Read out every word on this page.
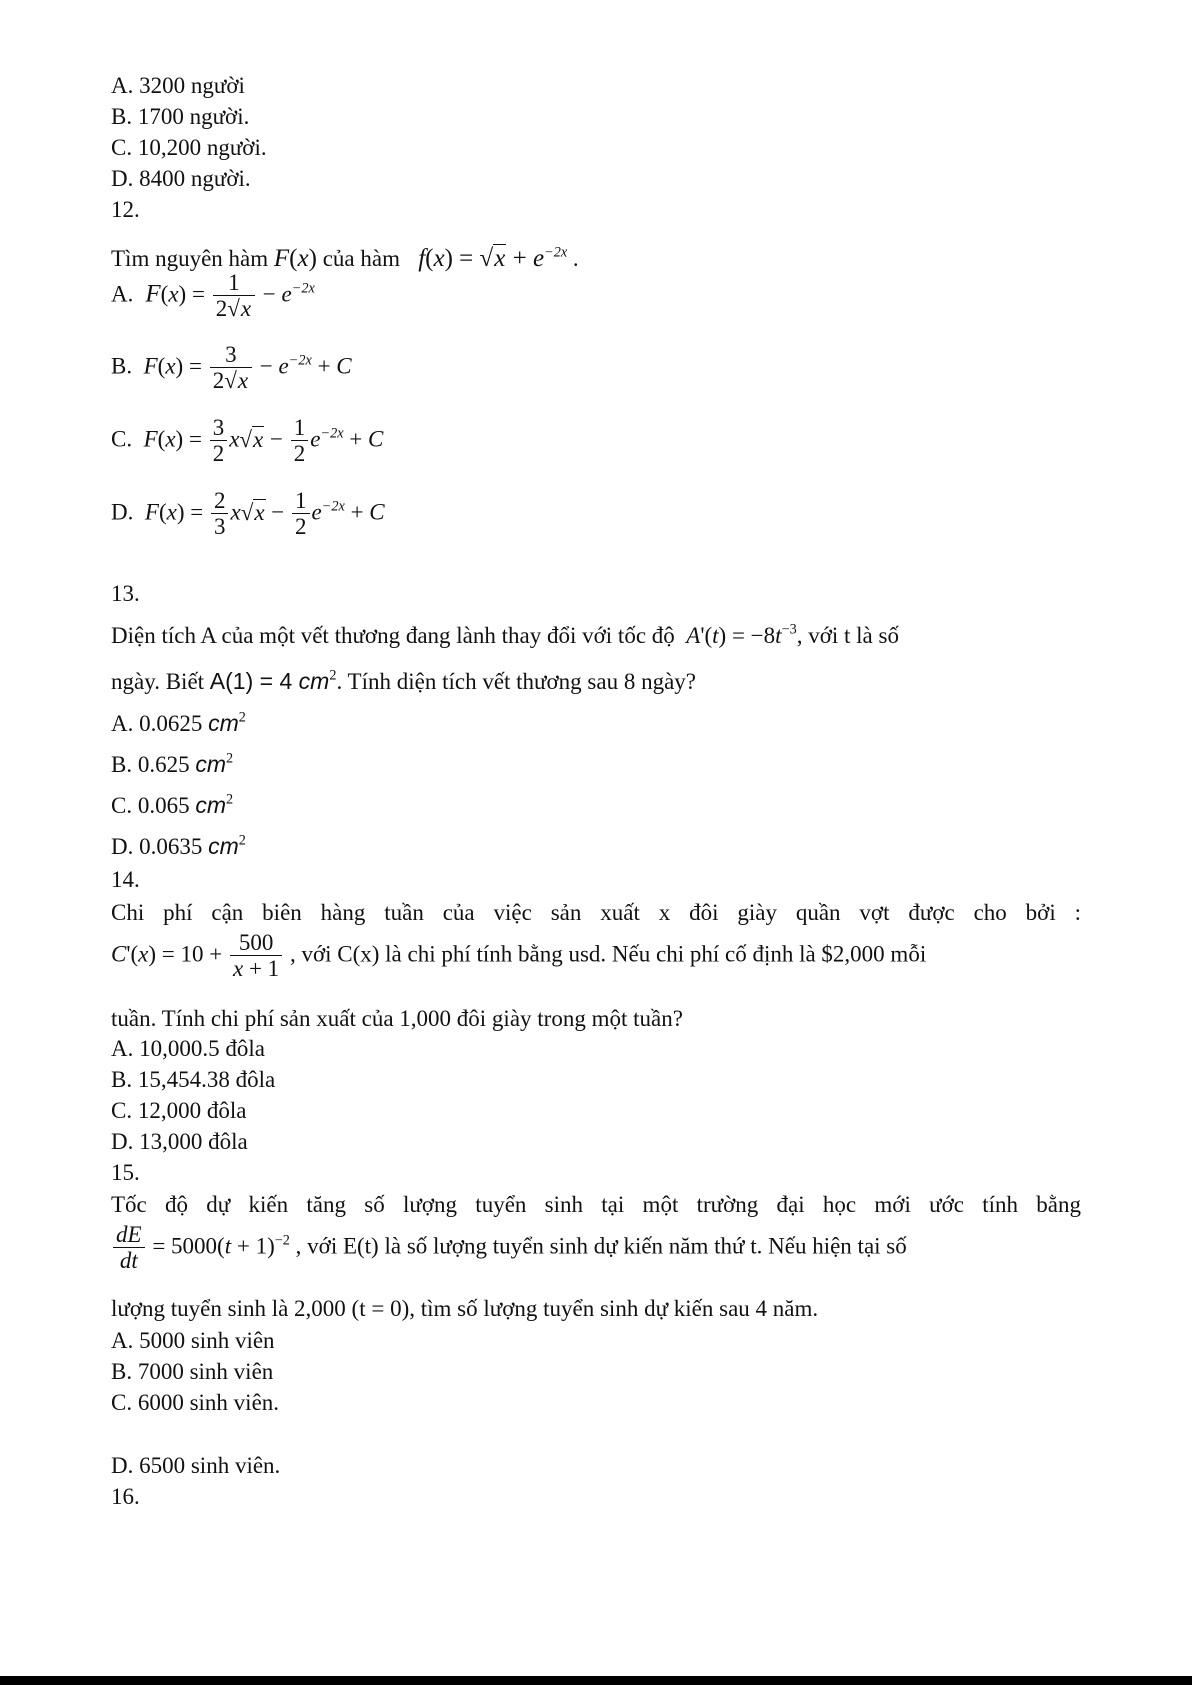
A. 3200 người
B. 1700 người.
C. 10,200 người.
D. 8400 người.
12.
Tìm nguyên hàm F(x) của hàm   $f(x) = √x + e^{-2x}$ .
A.  $F(x) = \frac{1}{2√x} - e^{-2x}$
B.  $F(x) = \frac{3}{2√x} - e^{-2x} + C$
C.  $F(x) = \frac{3}{2} x√x - \frac{1}{2} e^{-2x} + C$
D.  $F(x) = \frac{2}{3} x√x - \frac{1}{2} e^{-2x} + C$
13.
Diện tích A của một vết thương đang lành thay đổi với tốc độ  $A'(t) = -8t^{-3}$, với t là số
ngày. Biết A(1) = 4 $cm^2$. Tính diện tích vết thương sau 8 ngày?
A. 0.0625 $cm^2$
B. 0.625 $cm^2$
C. 0.065 $cm^2$
D. 0.0635 $cm^2$
14.
Chi phí cận biên hàng tuần của việc sản xuất x đôi giày quần vợt được cho bởi :
$C'(x) = 10 + \frac{500}{x + 1}$ , với C(x) là chi phí tính bằng usd. Nếu chi phí cố định là $2,000 mỗi
tuần. Tính chi phí sản xuất của 1,000 đôi giày trong một tuần?
A. 10,000.5 đôla
B. 15,454.38 đôla
C. 12,000 đôla
D. 13,000 đôla
15.
Tốc độ dự kiến tăng số lượng tuyển sinh tại một trường đại học mới ước tính bằng
$\frac{dE}{dt} = 5000(t + 1)^{-2}$ , với E(t) là số lượng tuyển sinh dự kiến năm thứ t. Nếu hiện tại số
lượng tuyển sinh là 2,000 (t = 0), tìm số lượng tuyển sinh dự kiến sau 4 năm.
A. 5000 sinh viên
B. 7000 sinh viên
C. 6000 sinh viên.
D. 6500 sinh viên.
16.
